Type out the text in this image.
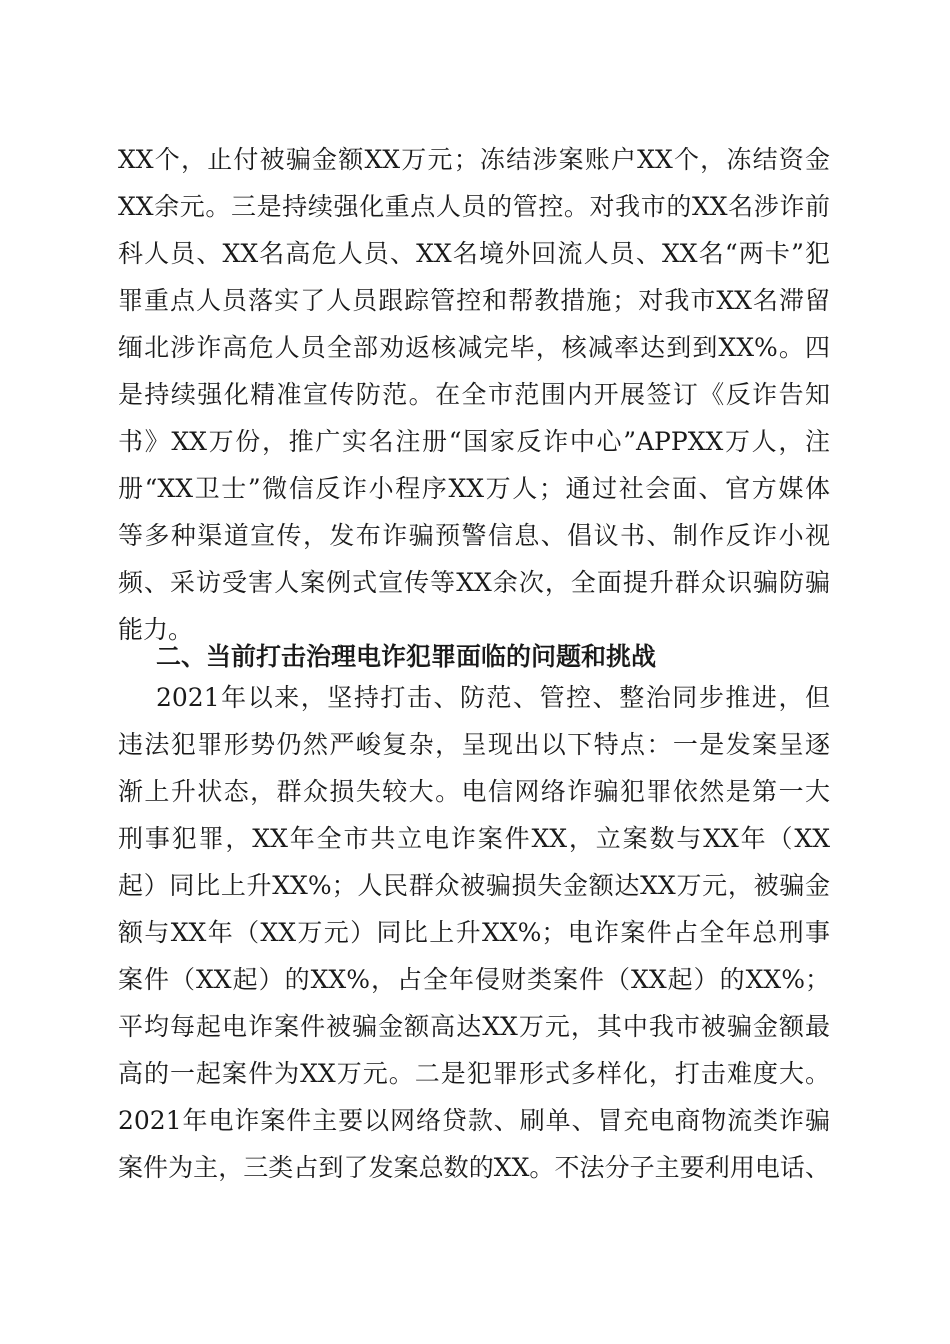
XX个，止付被骗金额XX万元；冻结涉案账户XX个，冻结资金

XX余元。三是持续强化重点人员的管控。对我市的XX名涉诈前

科人员、XX名高危人员、XX名境外回流人员、XX名“两卡”犯

罪重点人员落实了人员跟踪管控和帮教措施；对我市XX名滞留

缅北涉诈高危人员全部劝返核减完毕，核减率达到到XX%。四

是持续强化精准宣传防范。在全市范围内开展签订《反诈告知

书》XX万份，推广实名注册“国家反诈中心”APPXX万人，注

册“XX卫士”微信反诈小程序XX万人；通过社会面、官方媒体

等多种渠道宣传，发布诈骗预警信息、倡议书、制作反诈小视

频、采访受害人案例式宣传等XX余次，全面提升群众识骗防骗

能力。

二、当前打击治理电诈犯罪面临的问题和挑战

2021年以来，坚持打击、防范、管控、整治同步推进，但

违法犯罪形势仍然严峻复杂，呈现出以下特点：一是发案呈逐

渐上升状态，群众损失较大。电信网络诈骗犯罪依然是第一大

刑事犯罪，XX年全市共立电诈案件XX，立案数与XX年（XX

起）同比上升XX%；人民群众被骗损失金额达XX万元，被骗金

额与XX年（XX万元）同比上升XX%；电诈案件占全年总刑事

案件（XX起）的XX%，占全年侵财类案件（XX起）的XX%；

平均每起电诈案件被骗金额高达XX万元，其中我市被骗金额最

高的一起案件为XX万元。二是犯罪形式多样化，打击难度大。

2021年电诈案件主要以网络贷款、刷单、冒充电商物流类诈骗

案件为主，三类占到了发案总数的XX。不法分子主要利用电话、
